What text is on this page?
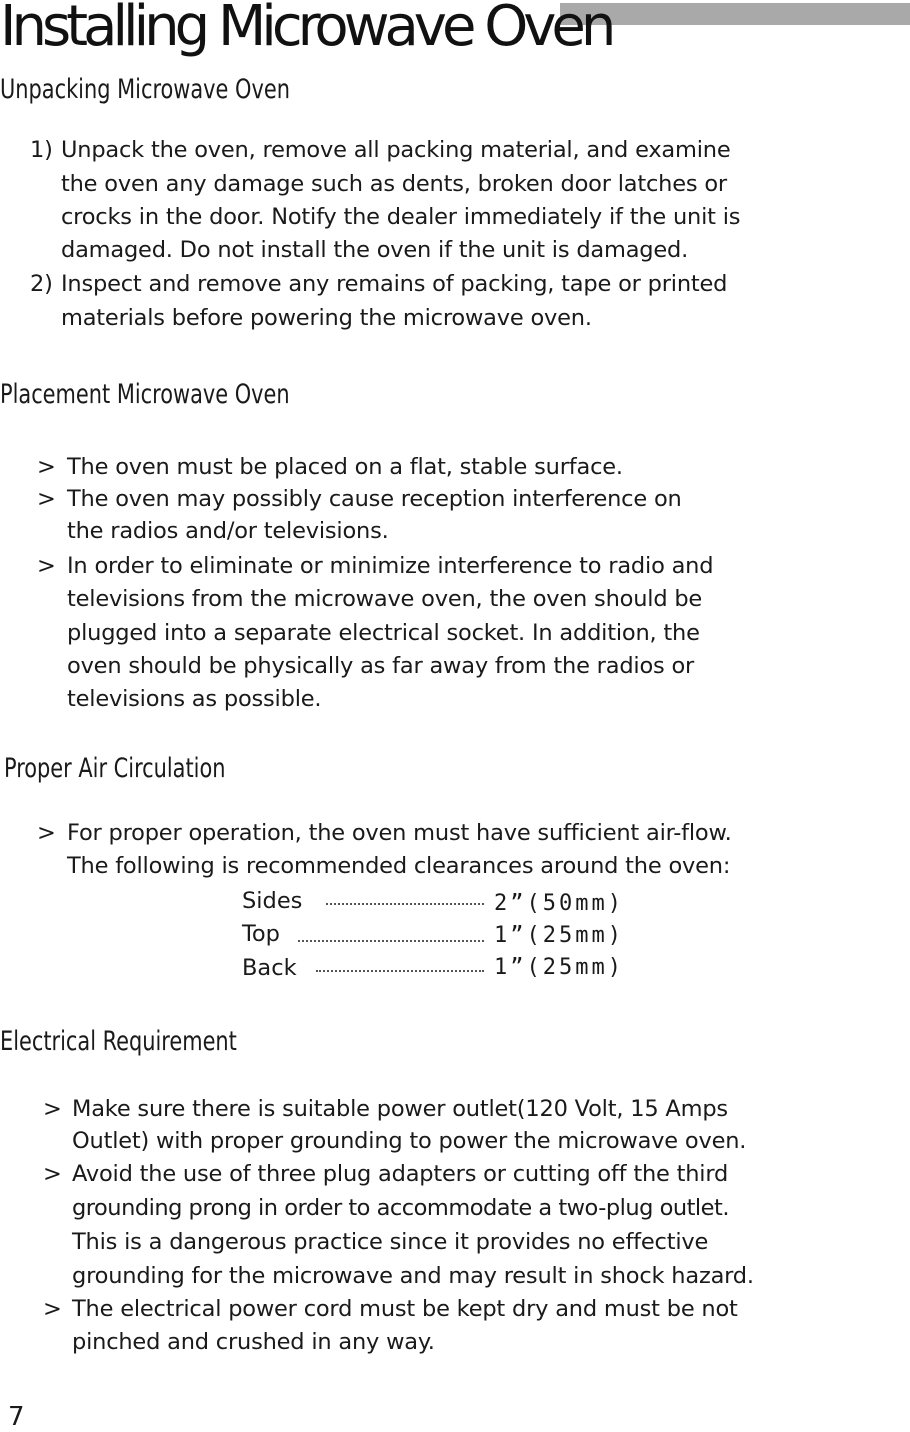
Installing Microwave Oven
Unpacking Microwave Oven
1) Unpack the oven, remove all packing material, and examine

the oven any damage such as dents, broken door latches or

crocks in the door. Notify the dealer immediately if the unit is

damaged. Do not install the oven if the unit is damaged.

2) Inspect and remove any remains of packing, tape or printed

materials before powering the microwave oven.

Placement Microwave Oven
> The oven must be placed on a flat, stable surface.

> The oven may possibly cause reception interference on

the radios and/or televisions.

> In order to eliminate or minimize interference to radio and

televisions from the microwave oven, the oven should be

plugged into a separate electrical socket. In addition, the

oven should be physically as far away from the radios or

televisions as possible.

Proper Air Circulation
> For proper operation, the oven must have sufficient air-flow.

The following is recommended clearances around the oven:

Sides	2”(50mm)
Top	1”(25mm)
Back	1”(25mm)
Electrical Requirement
> Make sure there is suitable power outlet(120 Volt, 15 Amps

Outlet) with proper grounding to power the microwave oven.

> Avoid the use of three plug adapters or cutting off the third

grounding prong in order to accommodate a two-plug outlet.

This is a dangerous practice since it provides no effective

grounding for the microwave and may result in shock hazard.

> The electrical power cord must be kept dry and must be not

pinched and crushed in any way.

7
